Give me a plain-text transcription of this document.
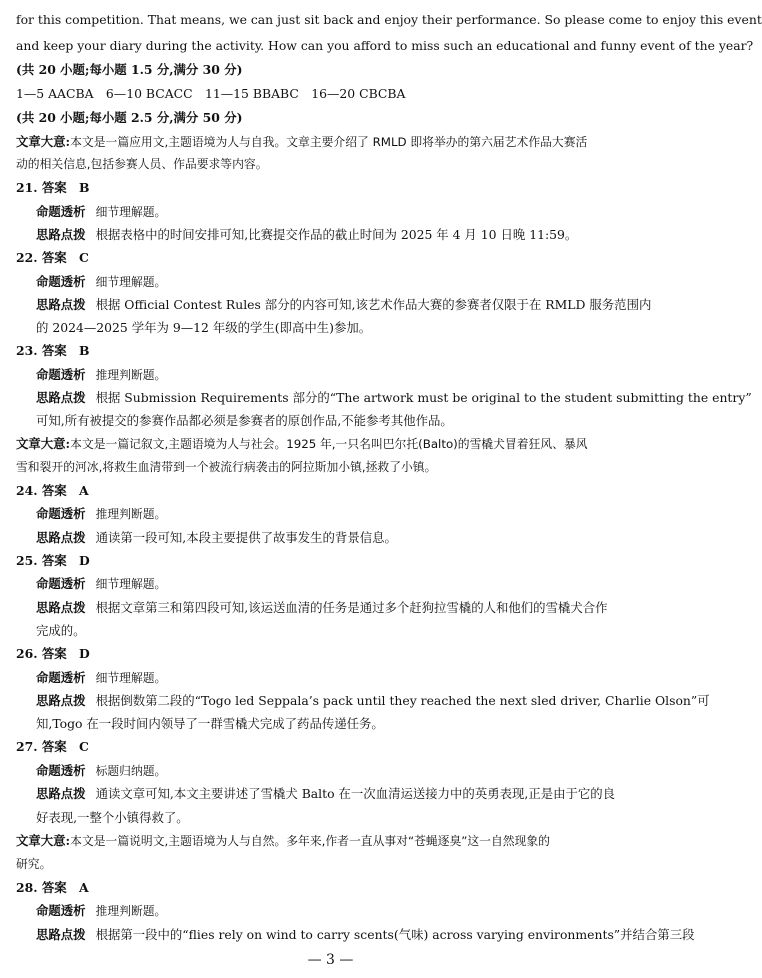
for this competition. That means, we can just sit back and enjoy their performance. So please come to enjoy this event
and keep your diary during the activity. How can you afford to miss such an educational and funny event of the year?
(共 20 小题;每小题 1.5 分,满分 30 分)
1—5 AACBA　6—10 BCACC　11—15 BBABC　16—20 CBCBA
(共 20 小题;每小题 2.5 分,满分 50 分)
文章大意:本文是一篇应用文,主题语境为人与自我。文章主要介绍了 RMLD 即将举办的第六届艺术作品大赛活
动的相关信息,包括参赛人员、作品要求等内容。
21. 答案　B
命题透析 细节理解题。
思路点拨 根据表格中的时间安排可知,比赛提交作品的截止时间为 2025 年 4 月 10 日晚 11:59。
22. 答案　C
命题透析 细节理解题。
思路点拨 根据 Official Contest Rules 部分的内容可知,该艺术作品大赛的参赛者仅限于在 RMLD 服务范围内
的 2024—2025 学年为 9—12 年级的学生(即高中生)参加。
23. 答案　B
命题透析 推理判断题。
思路点拨 根据 Submission Requirements 部分的“The artwork must be original to the student submitting the entry”
可知,所有被提交的参赛作品都必须是参赛者的原创作品,不能参考其他作品。
文章大意:本文是一篇记叙文,主题语境为人与社会。1925 年,一只名叫巴尔托(Balto)的雪橇犬冒着狂风、暴风
雪和裂开的河冰,将救生血清带到一个被流行病袭击的阿拉斯加小镇,拯救了小镇。
24. 答案　A
命题透析 推理判断题。
思路点拨 通读第一段可知,本段主要提供了故事发生的背景信息。
25. 答案　D
命题透析 细节理解题。
思路点拨 根据文章第三和第四段可知,该运送血清的任务是通过多个赶狗拉雪橇的人和他们的雪橇犬合作
完成的。
26. 答案　D
命题透析 细节理解题。
思路点拨 根据倒数第二段的“Togo led Seppala’s pack until they reached the next sled driver, Charlie Olson”可
知,Togo 在一段时间内领导了一群雪橇犬完成了药品传递任务。
27. 答案　C
命题透析 标题归纳题。
思路点拨 通读文章可知,本文主要讲述了雪橇犬 Balto 在一次血清运送接力中的英勇表现,正是由于它的良
好表现,一整个小镇得救了。
文章大意:本文是一篇说明文,主题语境为人与自然。多年来,作者一直从事对“苍蝇逐臭”这一自然现象的
研究。
28. 答案　A
命题透析 推理判断题。
思路点拨 根据第一段中的“flies rely on wind to carry scents(气味) across varying environments”并结合第三段
— 3 —
